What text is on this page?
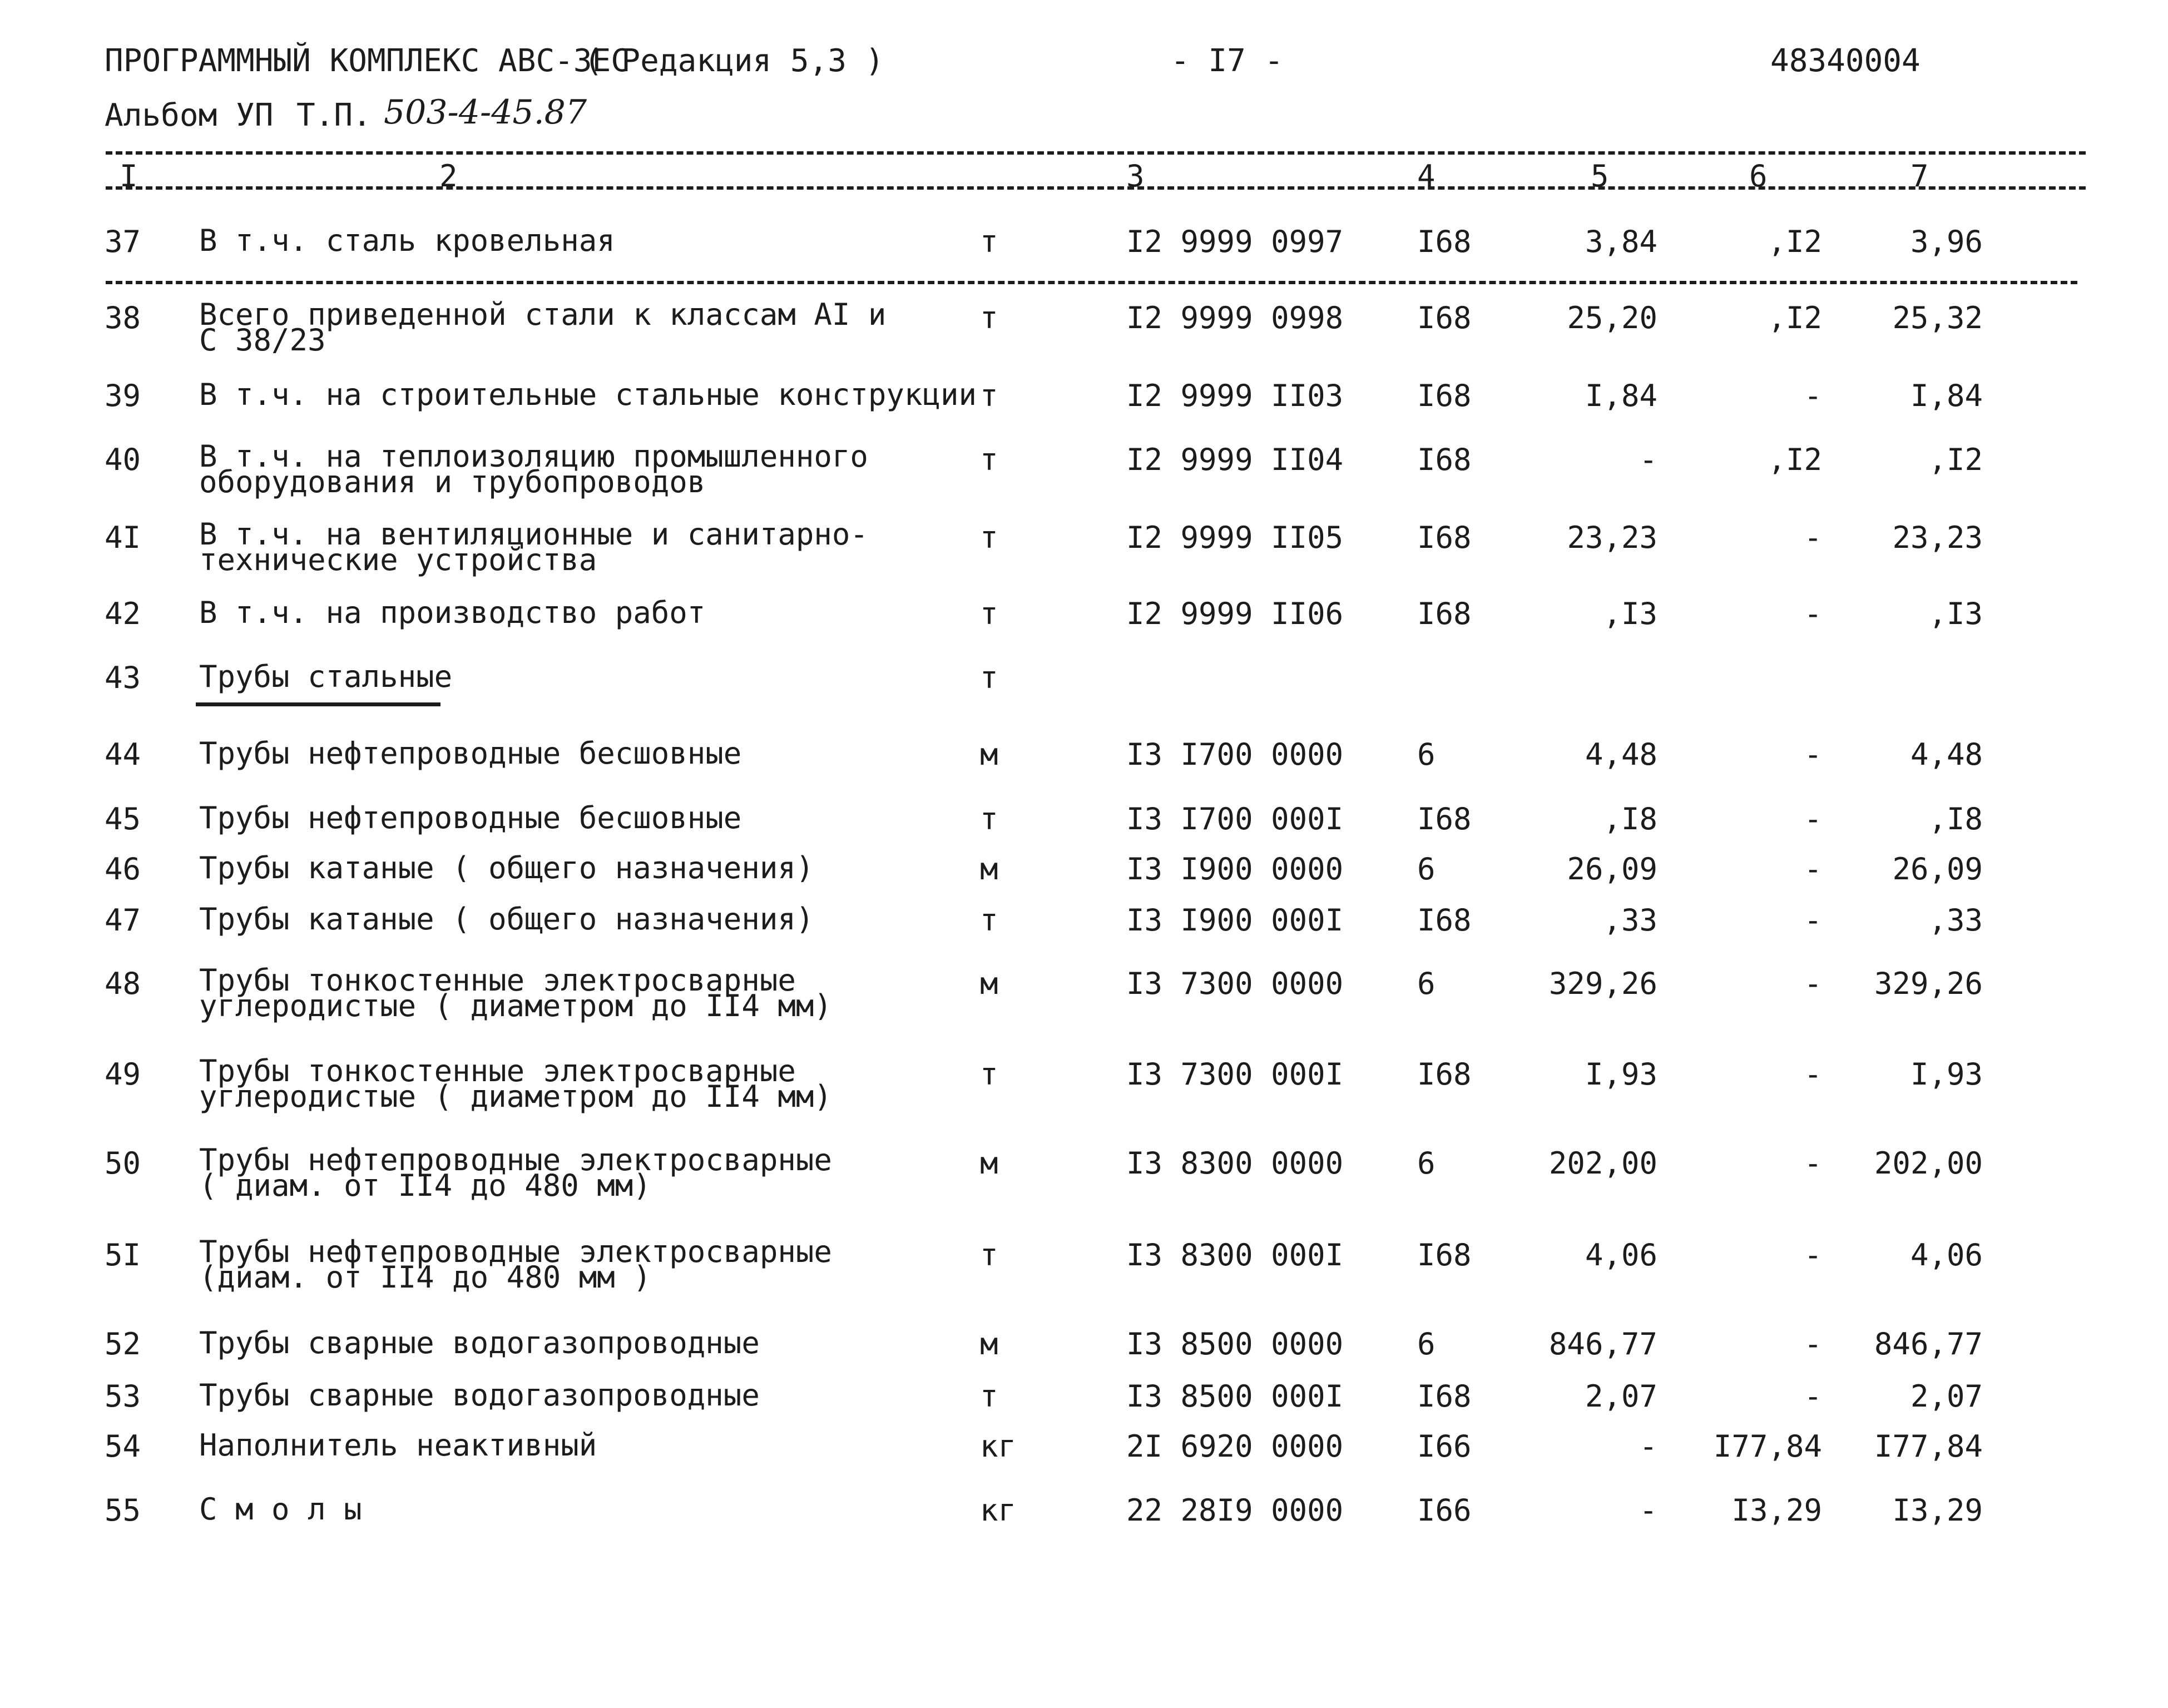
ПРОГРАММНЫЙ КОМПЛЕКС АВС-3ЕС
( Редакция 5,3 )	- I7 -	48340004
Альбом УП Т.П. 503-4-45.87
I	2	3	4	5	6	7
37 В т.ч. сталь кровельная	т	I2 9999 0997 I68	3,84	,I2	3,96
38 Всего приведенной стали к классам AI и
С 38/23
т	I2 9999 0998 I68	25,20	,I2	25,32
39 В т.ч. на строительные стальные конструкции т	I2 9999 II03 I68	I,84	-	I,84
40 В т.ч. на теплоизоляцию промышленного
оборудования и трубопроводов
т	I2 9999 II04 I68	-	,I2	,I2
4I В т.ч. на вентиляционные и санитарно-
технические устройства
т	I2 9999 II05 I68	23,23	-	23,23
42 В т.ч. на производство работ	т	I2 9999 II06 I68	,I3	-	,I3
43 Трубы стальные	т
44 Трубы нефтепроводные бесшовные	м	I3 I700 0000 6	4,48	-	4,48
45 Трубы нефтепроводные бесшовные	т	I3 I700 000I I68	,I8	-	,I8
46 Трубы катаные ( общего назначения)	м	I3 I900 0000 6	26,09	-	26,09
47 Трубы катаные ( общего назначения)	т	I3 I900 000I I68	,33	-	,33
48 Трубы тонкостенные электросварные
углеродистые ( диаметром до II4 мм)
м	I3 7300 0000 6	329,26	-	329,26
49 Трубы тонкостенные электросварные
углеродистые ( диаметром до II4 мм)
т	I3 7300 000I I68	I,93	-	I,93
50 Трубы нефтепроводные электросварные
( диам. от II4 до 480 мм)
м	I3 8300 0000 6	202,00	-	202,00
5I Трубы нефтепроводные электросварные
(диам. от II4 до 480 мм )
т	I3 8300 000I I68	4,06	-	4,06
52 Трубы сварные водогазопроводные	м	I3 8500 0000 6	846,77	-	846,77
53 Трубы сварные водогазопроводные	т	I3 8500 000I I68	2,07	-	2,07
54 Наполнитель неактивный	кг	2I 6920 0000 I66	-	I77,84	I77,84
55 С м о л ы	кг	22 28I9 0000 I66	-	I3,29	I3,29
